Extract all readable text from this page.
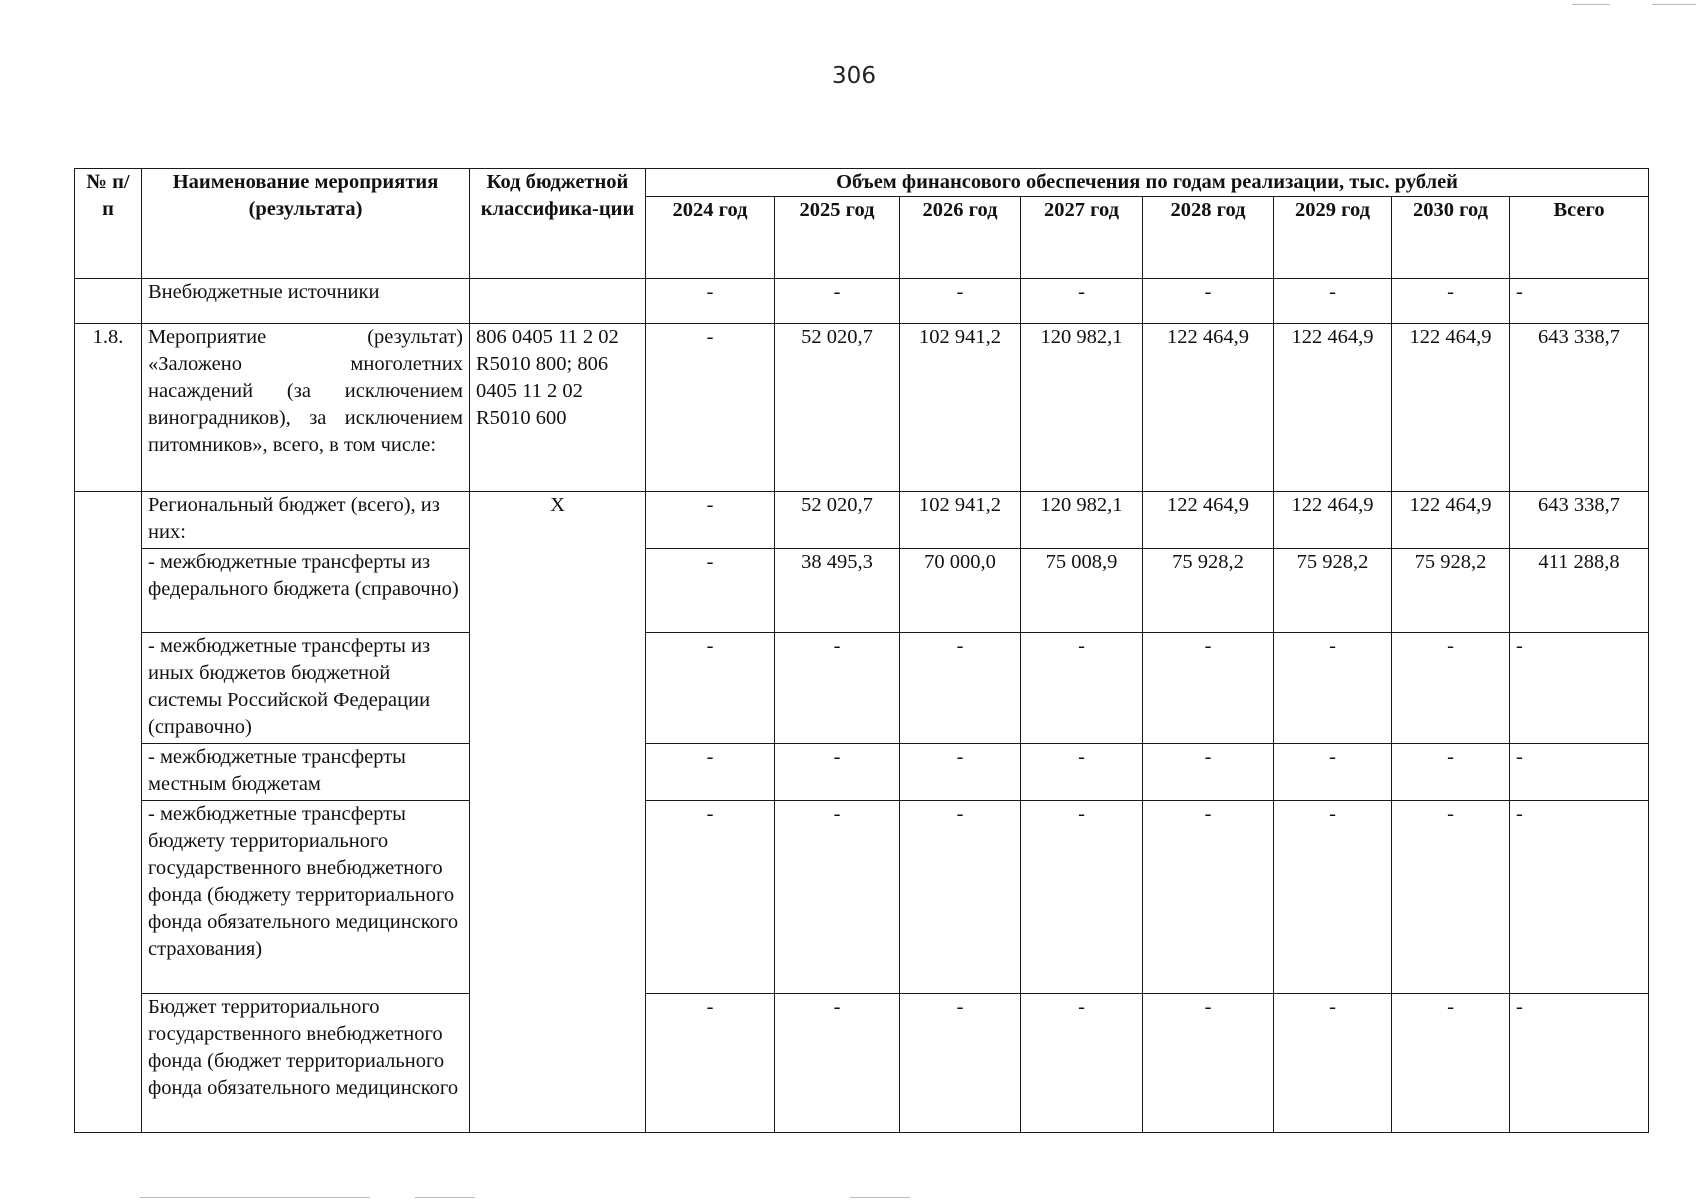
306
№ п/п	Наименование мероприятия (результата)	Код бюджетной классифика-ции	Объем финансового обеспечения по годам реализации, тыс. рублей							
			2024 год	2025 год	2026 год	2027 год	2028 год	2029 год	2030 год	Всего
	Внебюджетные источники		-	-	-	-	-	-	-	-
1.8.	Мероприятие (результат) «Заложено многолетних насаждений (за исключением виноградников), за исключением питомников», всего, в том числе:	806 0405 11 2 02 R5010 800; 806 0405 11 2 02 R5010 600	-	52 020,7	102 941,2	120 982,1	122 464,9	122 464,9	122 464,9	643 338,7
	Региональный бюджет (всего), из них:	Х	-	52 020,7	102 941,2	120 982,1	122 464,9	122 464,9	122 464,9	643 338,7
	- межбюджетные трансферты из федерального бюджета (справочно)		-	38 495,3	70 000,0	75 008,9	75 928,2	75 928,2	75 928,2	411 288,8
	- межбюджетные трансферты из иных бюджетов бюджетной системы Российской Федерации (справочно)		-	-	-	-	-	-	-	-
	- межбюджетные трансферты местным бюджетам		-	-	-	-	-	-	-	-
	- межбюджетные трансферты бюджету территориального государственного внебюджетного фонда (бюджету территориального фонда обязательного медицинского страхования)		-	-	-	-	-	-	-	-
	Бюджет территориального государственного внебюджетного фонда (бюджет территориального фонда обязательного медицинского		-	-	-	-	-	-	-	-
